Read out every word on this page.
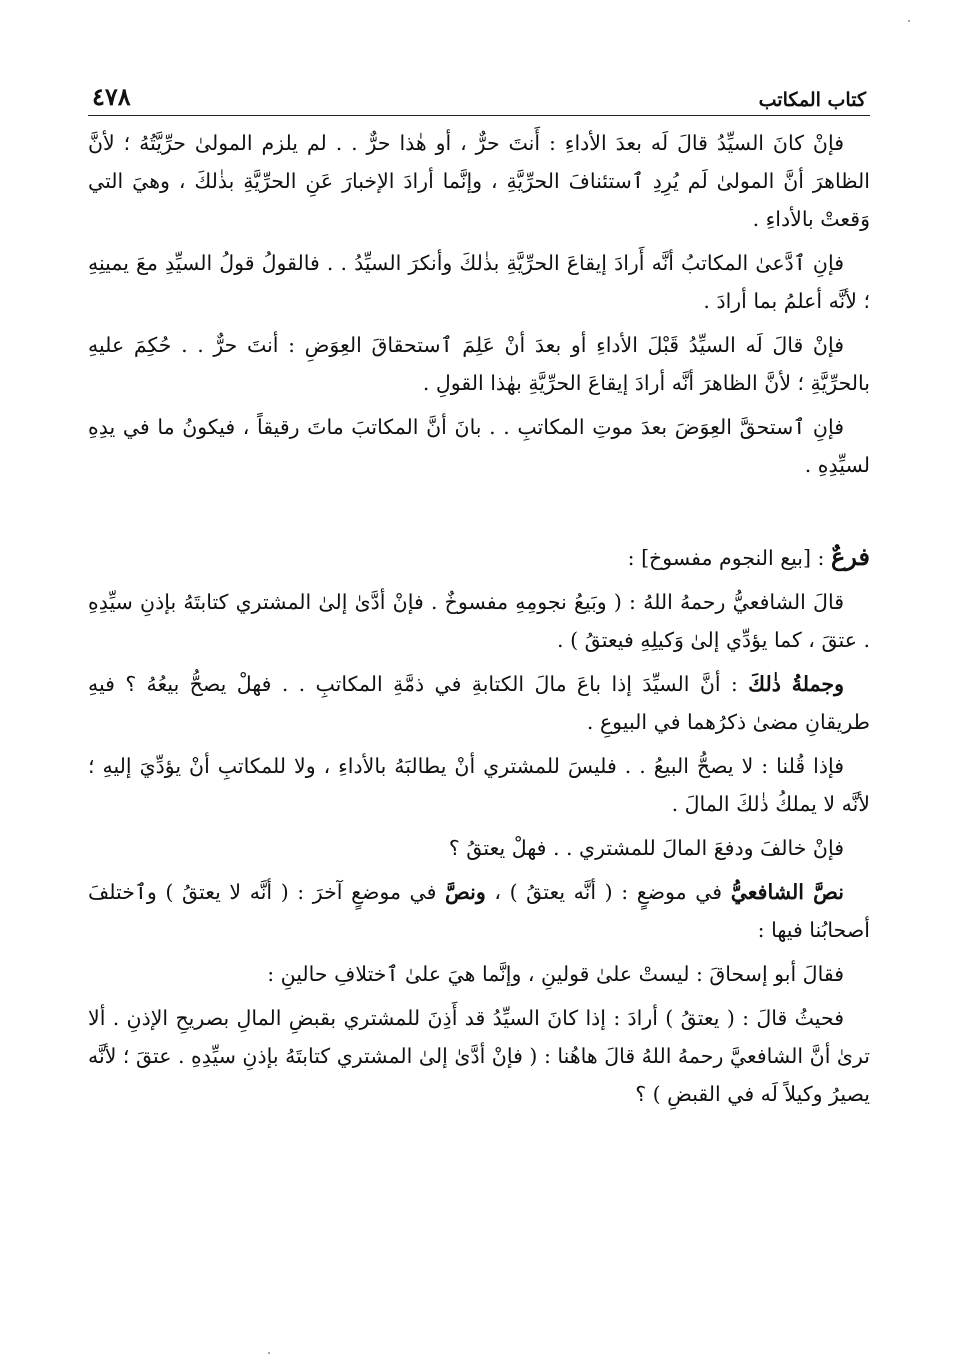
كتاب المكاتب
٤٧٨

فإنْ كانَ السيِّدُ قالَ لَه بعدَ الأداءِ : أَنتَ حرٌّ ، أو هٰذا حرٌّ . . لم يلزم المولىٰ حرِّيَّتُهُ ؛ لأنَّ الظاهرَ أنَّ المولىٰ لَم يُرِدِ ٱستئنافَ الحرِّيَّةِ ، وإنَّما أرادَ الإخبارَ عَنِ الحرِّيَّةِ بذٰلكَ ، وهيَ التي وَقعتْ بالأداءِ .

فإنِ ٱدَّعىٰ المكاتبُ أنَّه أَرادَ إيقاعَ الحرِّيَّةِ بذٰلكَ وأنكرَ السيِّدُ . . فالقولُ قولُ السيِّدِ معَ يمينِهِ ؛ لأنَّه أعلمُ بما أرادَ .

فإنْ قالَ لَه السيِّدُ قَبْلَ الأداءِ أو بعدَ أنْ عَلِمَ ٱستحقاقَ العِوَضِ : أنتَ حرٌّ . . حُكِمَ عليهِ بالحرِّيَّةِ ؛ لأنَّ الظاهرَ أنَّه أرادَ إيقاعَ الحرِّيَّةِ بهٰذا القولِ .

فإنِ ٱستحقَّ العِوَضَ بعدَ موتِ المكاتبِ . . بانَ أنَّ المكاتبَ ماتَ رقيقاً ، فيكونُ ما في يدِهِ لسيِّدِهِ .

فرعٌ : [بيع النجوم مفسوخ] :

قالَ الشافعيُّ رحمهُ اللهُ : ( وبَيعُ نجومِهِ مفسوخٌ . فإنْ أدَّىٰ إلىٰ المشتري كتابتَهُ بإذنِ سيِّدِهِ . عتقَ ، كما يؤدِّي إلىٰ وَكيلِهِ فيعتقُ ) .

وجملةُ ذٰلكَ : أنَّ السيِّدَ إذا باعَ مالَ الكتابةِ في ذمَّةِ المكاتبِ . . فهلْ يصحُّ بيعُهُ ؟ فيهِ طريقانِ مضىٰ ذكرُهما في البيوعِ .

فإذا قُلنا : لا يصحُّ البيعُ . . فليسَ للمشتري أنْ يطالبَهُ بالأداءِ ، ولا للمكاتبِ أنْ يؤدِّيَ إليهِ ؛ لأنَّه لا يملكُ ذٰلكَ المالَ .

فإنْ خالفَ ودفعَ المالَ للمشتري . . فهلْ يعتقُ ؟

نصَّ الشافعيُّ في موضعٍ : ( أنَّه يعتقُ ) ، ونصَّ في موضعٍ آخرَ : ( أنَّه لا يعتقُ ) وٱختلفَ أصحابُنا فيها :

فقالَ أبو إسحاقَ : ليستْ علىٰ قولينِ ، وإنَّما هيَ علىٰ ٱختلافِ حالينِ :

فحيثُ قالَ : ( يعتقُ ) أرادَ : إذا كانَ السيِّدُ قد أَذِنَ للمشتري بقبضِ المالِ بصريحِ الإذنِ . ألا ترىٰ أنَّ الشافعيَّ رحمهُ اللهُ قالَ هاهُنا : ( فإنْ أدَّىٰ إلىٰ المشتري كتابتَهُ بإذنِ سيِّدِهِ . عتقَ ؛ لأنَّه يصيرُ وكيلاً لَه في القبضِ ) ؟
